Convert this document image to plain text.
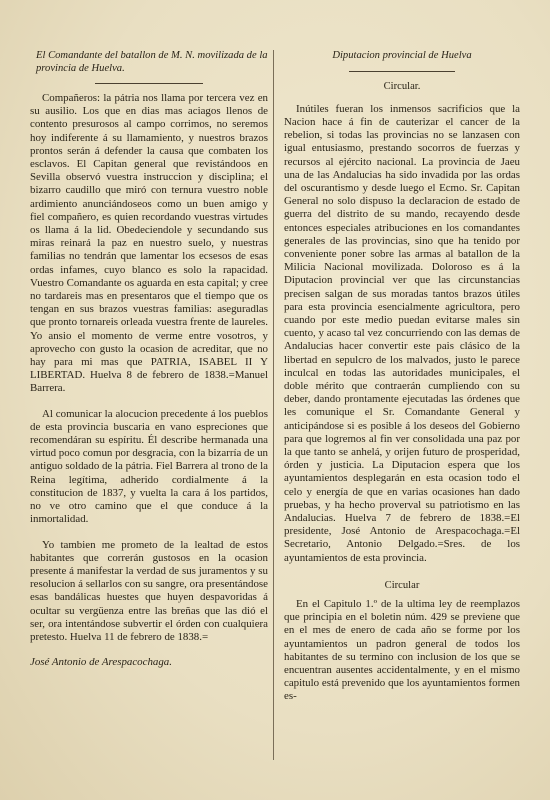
El Comandante del batallon de M. N. movilizada de la provincia de Huelva.

Compañeros: la pátria nos llama por tercera vez en su ausilio. Los que en dias mas aciagos llenos de contento presurosos al campo corrimos, no seremos hoy indiferente á su llamamiento, y nuestros brazos prontos serán á defender la causa que combaten los esclavos. El Capitan general que revistándoos en Sevilla observó vuestra instruccion y disciplina; el bizarro caudillo que miró con ternura vuestro noble ardimiento anunciándoseos como un buen amigo y fiel compañero, es quien recordando vuestras virtudes os llama á la lid. Obedeciendole y secundando sus miras reinará la paz en nuestro suelo, y nuestras familias no tendrán que lamentar los ecsesos de esas ordas infames, cuyo blanco es solo la rapacidad. Vuestro Comandante os aguarda en esta capital; y cree no tardareis mas en presentaros que el tiempo que os tengan en sus brazos vuestras familias: aseguradlas que pronto tornareis orleada vuestra frente de laureles. Yo ansio el momento de verme entre vosotros, y aprovecho con gusto la ocasion de acreditar, que no hay para mi mas que PATRIA, ISABEL II Y LIBERTAD. Huelva 8 de febrero de 1838.=Manuel Barrera.

Al comunicar la alocucion precedente á los pueblos de esta provincia buscaria en vano espreciones que recomendáran su espíritu. Él describe hermanada una virtud poco comun por desgracia, con la bizarría de un antiguo soldado de la pátria. Fiel Barrera al trono de la Reina legítima, adherido cordialmente á la constitucion de 1837, y vuelta la cara á los partidos, no ve otro camino que el que conduce á la inmortalidad.

Yo tambien me prometo de la lealtad de estos habitantes que correrán gustosos en la ocasion presente á manifestar la verdad de sus juramentos y su resolucion á sellarlos con su sangre, ora presentándose esas bandálicas huestes que huyen despavoridas á ocultar su vergüenza entre las breñas que las dió el ser, ora intentándose subvertir el órden con cualquiera pretesto. Huelva 11 de febrero de 1838.=

José Antonio de Arespacochaga.

Diputacion provincial de Huelva
Circular.

Inútiles fueran los inmensos sacrificios que la Nacion hace á fin de cauterizar el cancer de la rebelion, si todas las provincias no se lanzasen con igual entusiasmo, prestando socorros de fuerzas y recursos al ejército nacional. La provincia de Jaeu una de las Andalucias ha sido invadida por las ordas del oscurantismo y desde luego el Ecmo. Sr. Capitan General no solo dispuso la declaracion de estado de guerra del distrito de su mando, recayendo desde entonces especiales atribuciones en los comandantes generales de las provincias, sino que ha tenido por conveniente poner sobre las armas al batallon de la Milicia Nacional movilizada. Doloroso es á la Diputacion provincial ver que las circunstancias precisen salgan de sus moradas tantos brazos útiles para esta provincia esencialmente agricultora, pero cuando por este medio puedan evitarse males sin cuento, y acaso tal vez concurriendo con las demas de Andalucias hacer convertir este pais clásico de la libertad en sepulcro de los malvados, justo le parece inculcal en todas las autoridades municipales, el doble mérito que contraerán cumpliendo con su deber, dando prontamente ejecutadas las órdenes que les comunique el Sr. Comandante General y anticipándose si es posible á los deseos del Gobierno para que logremos al fin ver consolidada una paz por la que tanto se anhelá, y orijen futuro de prosperidad, órden y justicia. La Diputacion espera que los ayuntamientos desplegarán en esta ocasion todo el celo y energía de que en varias ocasiones han dado pruebas, y ha hecho proverval su patriotismo en las Andalucias. Huelva 7 de febrero de 1838.=El presidente, José Antonio de Arespacochaga.=El Secretario, Antonio Delgado.=Sres. de los ayuntamientos de esta provincia.

Circular

En el Capitulo 1.º de la ultima ley de reemplazos que principia en el boletin núm. 429 se previene que en el mes de enero de cada año se forme por los ayuntamientos un padron general de todos los habitantes de su termino con inclusion de los que se encuentran ausentes accidentalmente, y en el mismo capitulo está prevenido que los ayuntamientos formen es-
